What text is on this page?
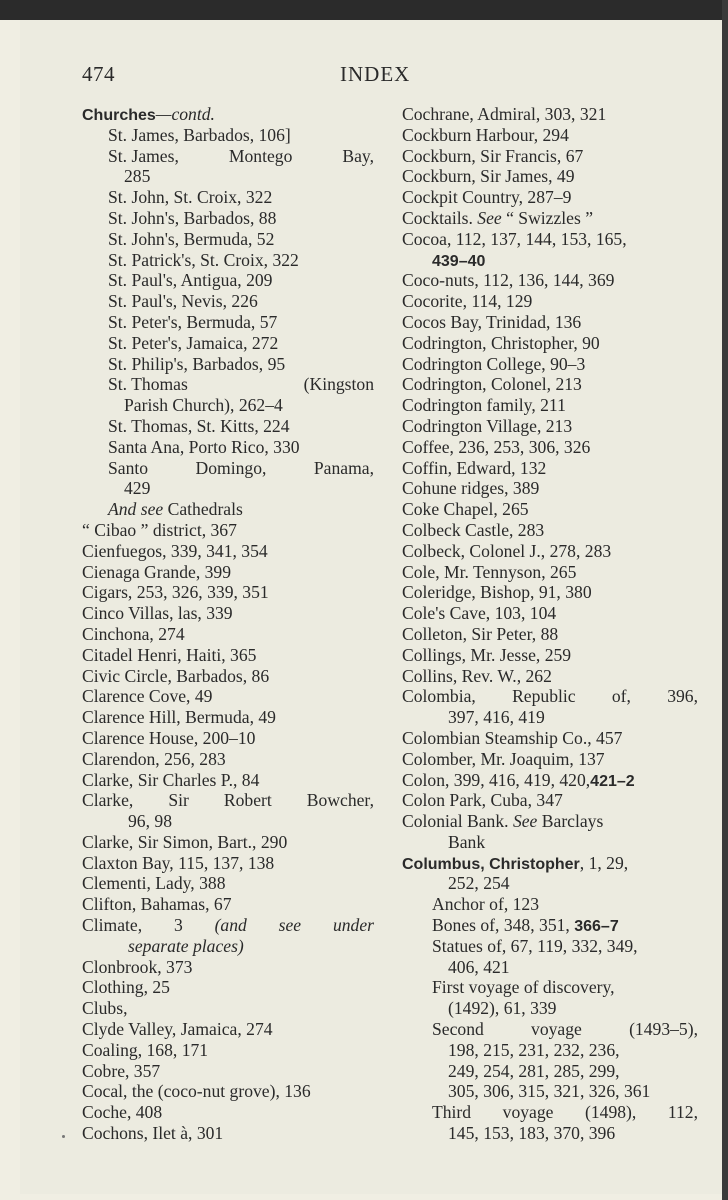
474	INDEX
Churches—contd.
St. James, Barbados, 106]
St. James,	Montego	Bay,
285
St. John, St. Croix, 322
St. John's, Barbados, 88
St. John's, Bermuda, 52
St. Patrick's, St. Croix, 322
St. Paul's, Antigua, 209
St. Paul's, Nevis, 226
St. Peter's, Bermuda, 57
St. Peter's, Jamaica, 272
St. Philip's, Barbados, 95
St. Thomas	(Kingston
Parish Church), 262–4
St. Thomas, St. Kitts, 224
Santa Ana, Porto Rico, 330
Santo	Domingo,	Panama,
429
And see Cathedrals
“ Cibao ” district, 367
Cienfuegos, 339, 341, 354
Cienaga Grande, 399
Cigars, 253, 326, 339, 351
Cinco Villas, las, 339
Cinchona, 274
Citadel Henri, Haiti, 365
Civic Circle, Barbados, 86
Clarence Cove, 49
Clarence Hill, Bermuda, 49
Clarence House, 200–10
Clarendon, 256, 283
Clarke, Sir Charles P., 84
Clarke, Sir Robert Bowcher,
96, 98
Clarke, Sir Simon, Bart., 290
Claxton Bay, 115, 137, 138
Clementi, Lady, 388
Clifton, Bahamas, 67
Climate, 3 (and see under
separate places)
Clonbrook, 373
Clothing, 25
Clubs,
Clyde Valley, Jamaica, 274
Coaling, 168, 171
Cobre, 357
Cocal, the (coco-nut grove), 136
Coche, 408
Cochons, Ilet à, 301
Cochrane, Admiral, 303, 321
Cockburn Harbour, 294
Cockburn, Sir Francis, 67
Cockburn, Sir James, 49
Cockpit Country, 287–9
Cocktails. See “ Swizzles ”
Cocoa, 112, 137, 144, 153, 165,
439–40
Coco-nuts, 112, 136, 144, 369
Cocorite, 114, 129
Cocos Bay, Trinidad, 136
Codrington, Christopher, 90
Codrington College, 90–3
Codrington, Colonel, 213
Codrington family, 211
Codrington Village, 213
Coffee, 236, 253, 306, 326
Coffin, Edward, 132
Cohune ridges, 389
Coke Chapel, 265
Colbeck Castle, 283
Colbeck, Colonel J., 278, 283
Cole, Mr. Tennyson, 265
Coleridge, Bishop, 91, 380
Cole's Cave, 103, 104
Colleton, Sir Peter, 88
Collings, Mr. Jesse, 259
Collins, Rev. W., 262
Colombia, Republic of, 396,
397, 416, 419
Colombian Steamship Co., 457
Colomber, Mr. Joaquim, 137
Colon, 399, 416, 419, 420,421–2
Colon Park, Cuba, 347
Colonial Bank. See Barclays
Bank
Columbus, Christopher, 1, 29,
252, 254
Anchor of, 123
Bones of, 348, 351, 366–7
Statues of, 67, 119, 332, 349,
406, 421
First voyage of discovery,
(1492), 61, 339
Second	voyage	(1493–5),
198, 215, 231, 232, 236,
249, 254, 281, 285, 299,
305, 306, 315, 321, 326, 361
Third voyage (1498), 112,
145, 153, 183, 370, 396
